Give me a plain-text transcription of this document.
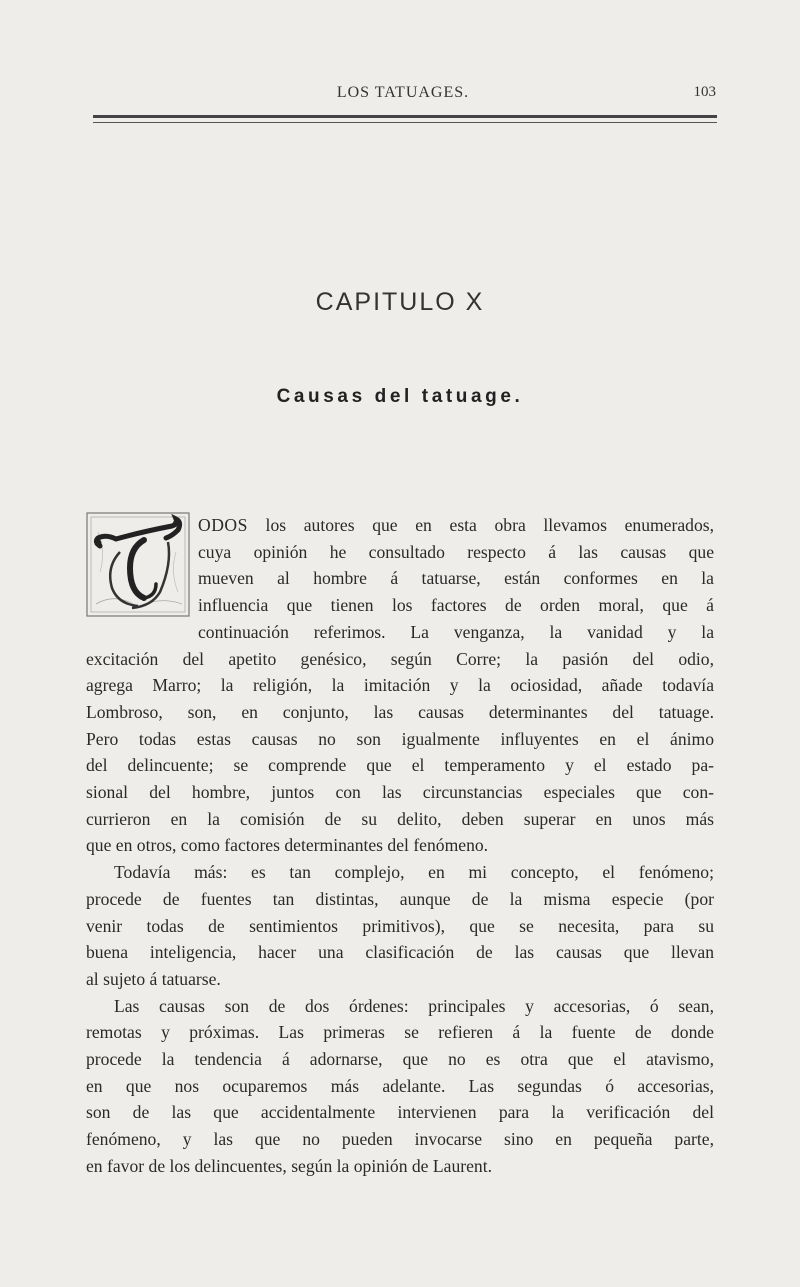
LOS TATUAGES.	103
CAPITULO X
Causas del tatuage.
ODOS los autores que en esta obra llevamos enumerados,
cuya opinión he consultado respecto á las causas que
mueven al hombre á tatuarse, están conformes en la
influencia que tienen los factores de orden moral, que á
continuación referimos. La venganza, la vanidad y la
excitación del apetito genésico, según Corre; la pasión del odio,
agrega Marro; la religión, la imitación y la ociosidad, añade todavía
Lombroso, son, en conjunto, las causas determinantes del tatuage.
Pero todas estas causas no son igualmente influyentes en el ánimo
del delincuente; se comprende que el temperamento y el estado pa-
sional del hombre, juntos con las circunstancias especiales que con-
currieron en la comisión de su delito, deben superar en unos más
que en otros, como factores determinantes del fenómeno.
Todavía más: es tan complejo, en mi concepto, el fenómeno;
procede de fuentes tan distintas, aunque de la misma especie (por
venir todas de sentimientos primitivos), que se necesita, para su
buena inteligencia, hacer una clasificación de las causas que llevan
al sujeto á tatuarse.
Las causas son de dos órdenes: principales y accesorias, ó sean,
remotas y próximas. Las primeras se refieren á la fuente de donde
procede la tendencia á adornarse, que no es otra que el atavismo,
en que nos ocuparemos más adelante. Las segundas ó accesorias,
son de las que accidentalmente intervienen para la verificación del
fenómeno, y las que no pueden invocarse sino en pequeña parte,
en favor de los delincuentes, según la opinión de Laurent.
